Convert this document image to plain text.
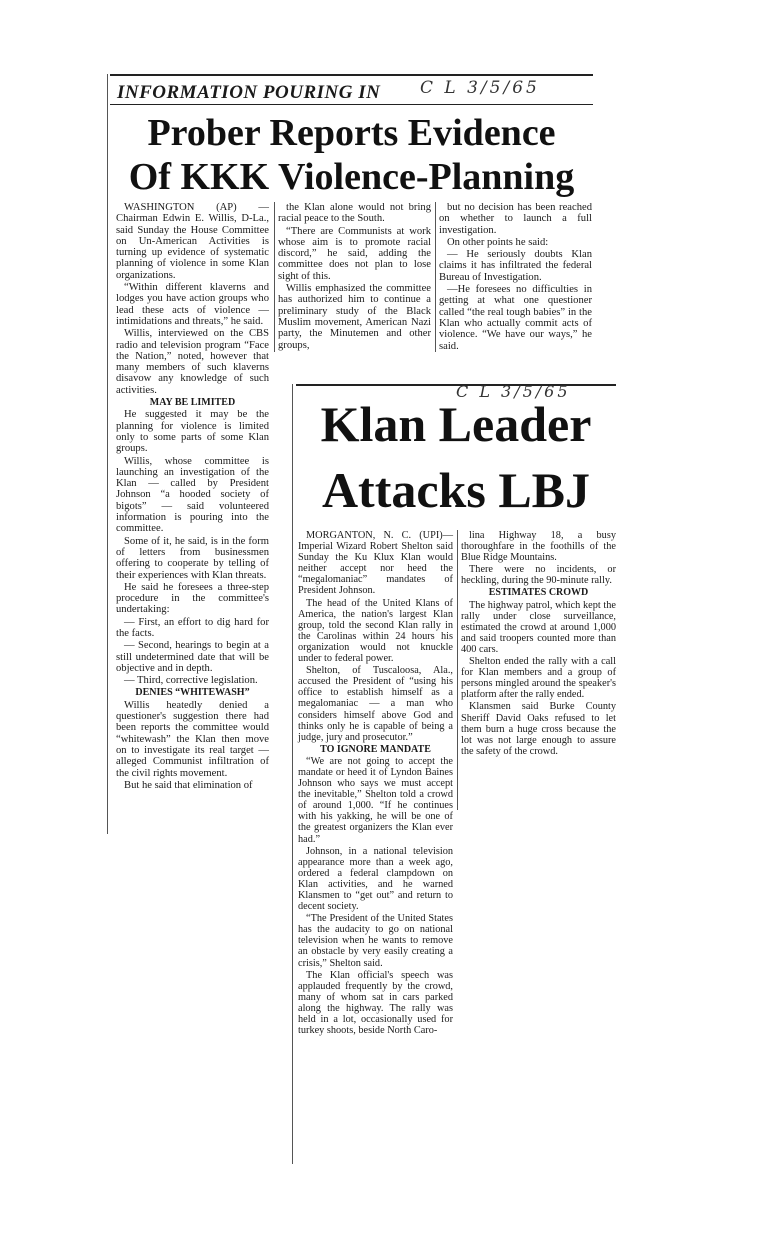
INFORMATION POURING IN C L 3/5/65
Prober Reports Evidence
Of KKK Violence-Planning

WASHINGTON (AP) — Chairman Edwin E. Willis, D-La., said Sunday the House Committee on Un-American Activities is turning up evidence of systematic planning of violence in some Klan organizations.

“Within different klaverns and lodges you have action groups who lead these acts of violence — intimidations and threats,” he said.

Willis, interviewed on the CBS radio and television program “Face the Nation,” noted, however that many members of such klaverns disavow any knowledge of such activities.

MAY BE LIMITED

He suggested it may be the planning for violence is limited only to some parts of some Klan groups.

Willis, whose committee is launching an investigation of the Klan — called by President Johnson “a hooded society of bigots” — said volunteered information is pouring into the committee.

Some of it, he said, is in the form of letters from businessmen offering to cooperate by telling of their experiences with Klan threats.

He said he foresees a three-step procedure in the committee's undertaking:

— First, an effort to dig hard for the facts.

— Second, hearings to begin at a still undetermined date that will be objective and in depth.

— Third, corrective legislation.

DENIES “WHITEWASH”

Willis heatedly denied a questioner's suggestion there had been reports the committee would “whitewash” the Klan then move on to investigate its real target — alleged Communist infiltration of the civil rights movement.

But he said that elimination of

the Klan alone would not bring racial peace to the South.

“There are Communists at work whose aim is to promote racial discord,” he said, adding the committee does not plan to lose sight of this.

Willis emphasized the committee has authorized him to continue a preliminary study of the Black Muslim movement, American Nazi party, the Minutemen and other groups,

but no decision has been reached on whether to launch a full investigation.

On other points he said:

— He seriously doubts Klan claims it has infiltrated the federal Bureau of Investigation.

—He foresees no difficulties in getting at what one questioner called “the real tough babies” in the Klan who actually commit acts of violence. “We have our ways,” he said.

C L 3/5/65
Klan Leader
Attacks LBJ

MORGANTON, N. C. (UPI)—Imperial Wizard Robert Shelton said Sunday the Ku Klux Klan would neither accept nor heed the “megalomaniac” mandates of President Johnson.

The head of the United Klans of America, the nation's largest Klan group, told the second Klan rally in the Carolinas within 24 hours his organization would not knuckle under to federal power.

Shelton, of Tuscaloosa, Ala., accused the President of “using his office to establish himself as a megalomaniac — a man who considers himself above God and thinks only he is capable of being a judge, jury and prosecutor.”

TO IGNORE MANDATE

“We are not going to accept the mandate or heed it of Lyndon Baines Johnson who says we must accept the inevitable,” Shelton told a crowd of around 1,000. “If he continues with his yakking, he will be one of the greatest organizers the Klan ever had.”

Johnson, in a national television appearance more than a week ago, ordered a federal clampdown on Klan activities, and he warned Klansmen to “get out” and return to decent society.

“The President of the United States has the audacity to go on national television when he wants to remove an obstacle by very easily creating a crisis,” Shelton said.

The Klan official's speech was applauded frequently by the crowd, many of whom sat in cars parked along the highway. The rally was held in a lot, occasionally used for turkey shoots, beside North Caro-

lina Highway 18, a busy thoroughfare in the foothills of the Blue Ridge Mountains.

There were no incidents, or heckling, during the 90-minute rally.

ESTIMATES CROWD

The highway patrol, which kept the rally under close surveillance, estimated the crowd at around 1,000 and said troopers counted more than 400 cars.

Shelton ended the rally with a call for Klan members and a group of persons mingled around the speaker's platform after the rally ended.

Klansmen said Burke County Sheriff David Oaks refused to let them burn a huge cross because the lot was not large enough to assure the safety of the crowd.
